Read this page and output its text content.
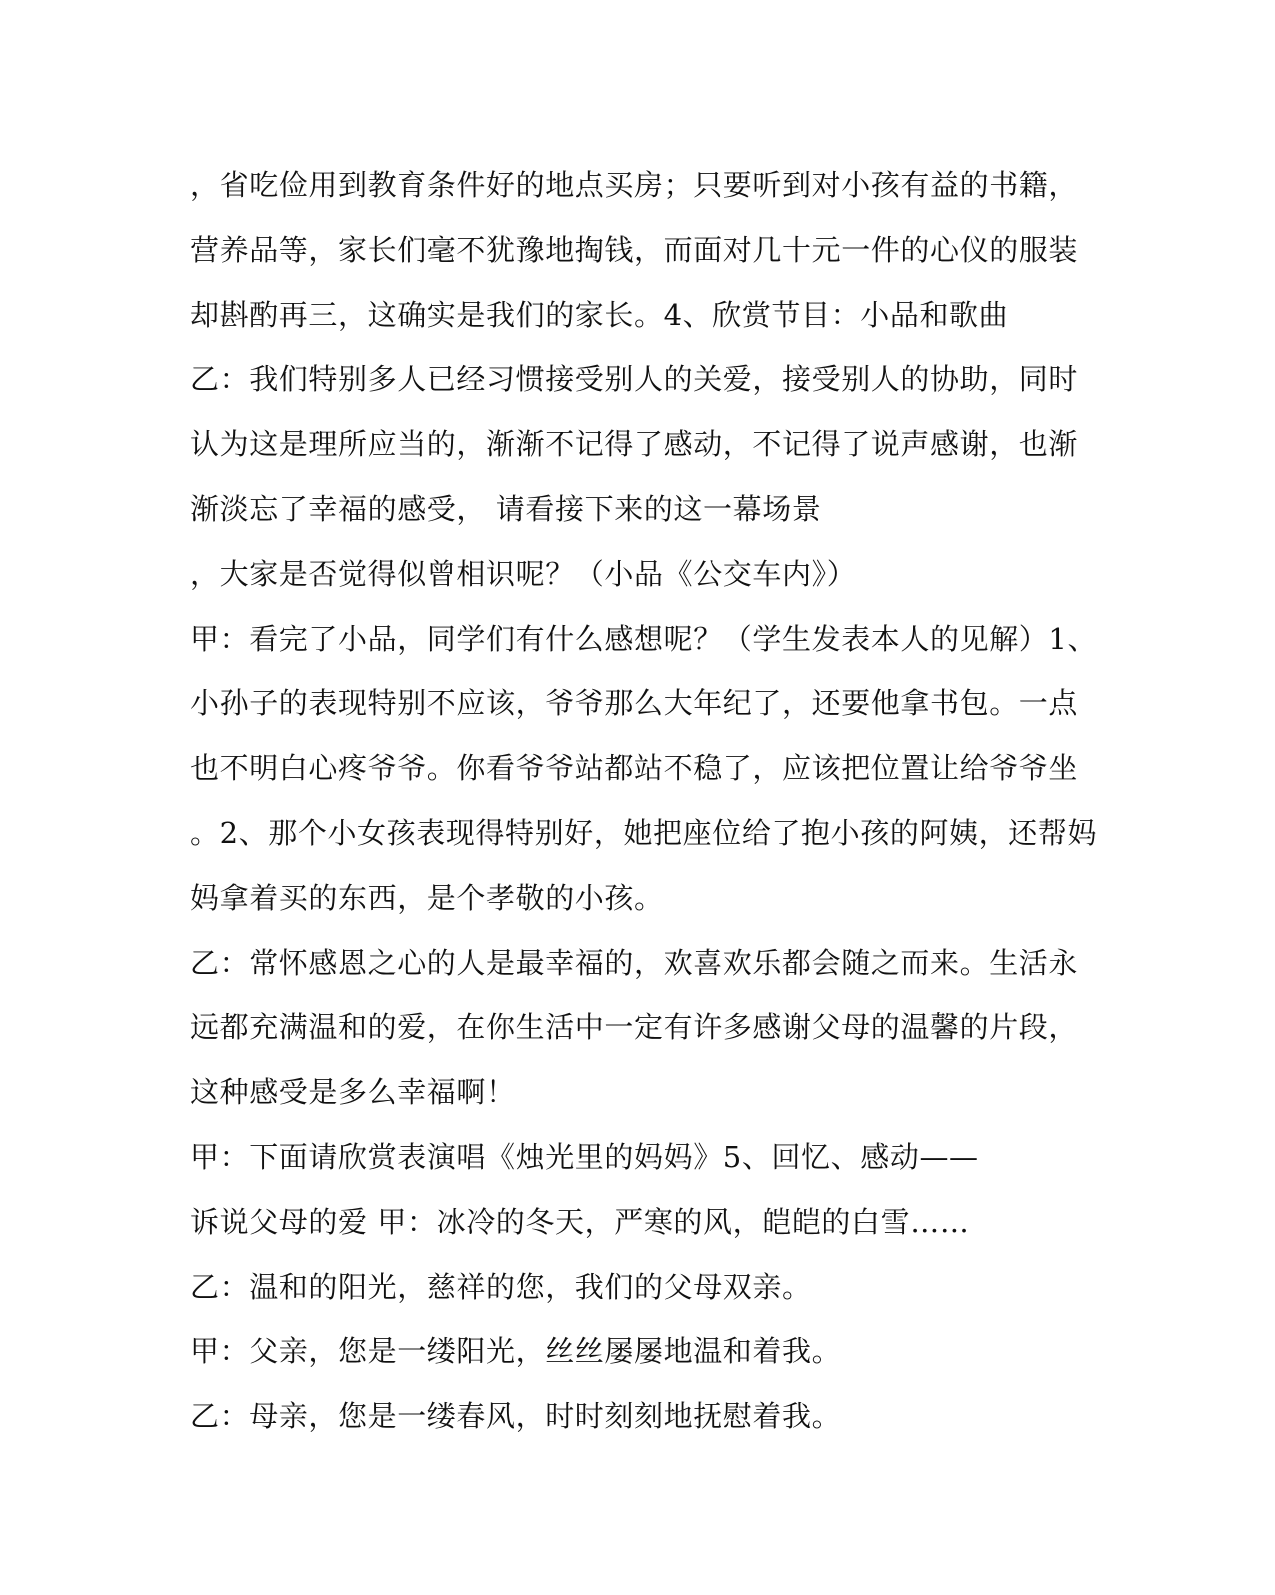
，省吃俭用到教育条件好的地点买房；只要听到对小孩有益的书籍，
营养品等，家长们毫不犹豫地掏钱，而面对几十元一件的心仪的服装
却斟酌再三，这确实是我们的家长。4、欣赏节目：小品和歌曲
乙：我们特别多人已经习惯接受别人的关爱，接受别人的协助，同时
认为这是理所应当的，渐渐不记得了感动，不记得了说声感谢，也渐
渐淡忘了幸福的感受， 请看接下来的这一幕场景
，大家是否觉得似曾相识呢？（小品《公交车内》）
甲：看完了小品，同学们有什么感想呢？（学生发表本人的见解）1、
小孙子的表现特别不应该，爷爷那么大年纪了，还要他拿书包。一点
也不明白心疼爷爷。你看爷爷站都站不稳了，应该把位置让给爷爷坐
。2、那个小女孩表现得特别好，她把座位给了抱小孩的阿姨，还帮妈
妈拿着买的东西，是个孝敬的小孩。
乙：常怀感恩之心的人是最幸福的，欢喜欢乐都会随之而来。生活永
远都充满温和的爱，在你生活中一定有许多感谢父母的温馨的片段，
这种感受是多么幸福啊！
甲：下面请欣赏表演唱《烛光里的妈妈》5、回忆、感动——
诉说父母的爱 甲：冰冷的冬天，严寒的风，皑皑的白雪……
乙：温和的阳光，慈祥的您，我们的父母双亲。
甲：父亲，您是一缕阳光，丝丝屡屡地温和着我。
乙：母亲，您是一缕春风，时时刻刻地抚慰着我。
